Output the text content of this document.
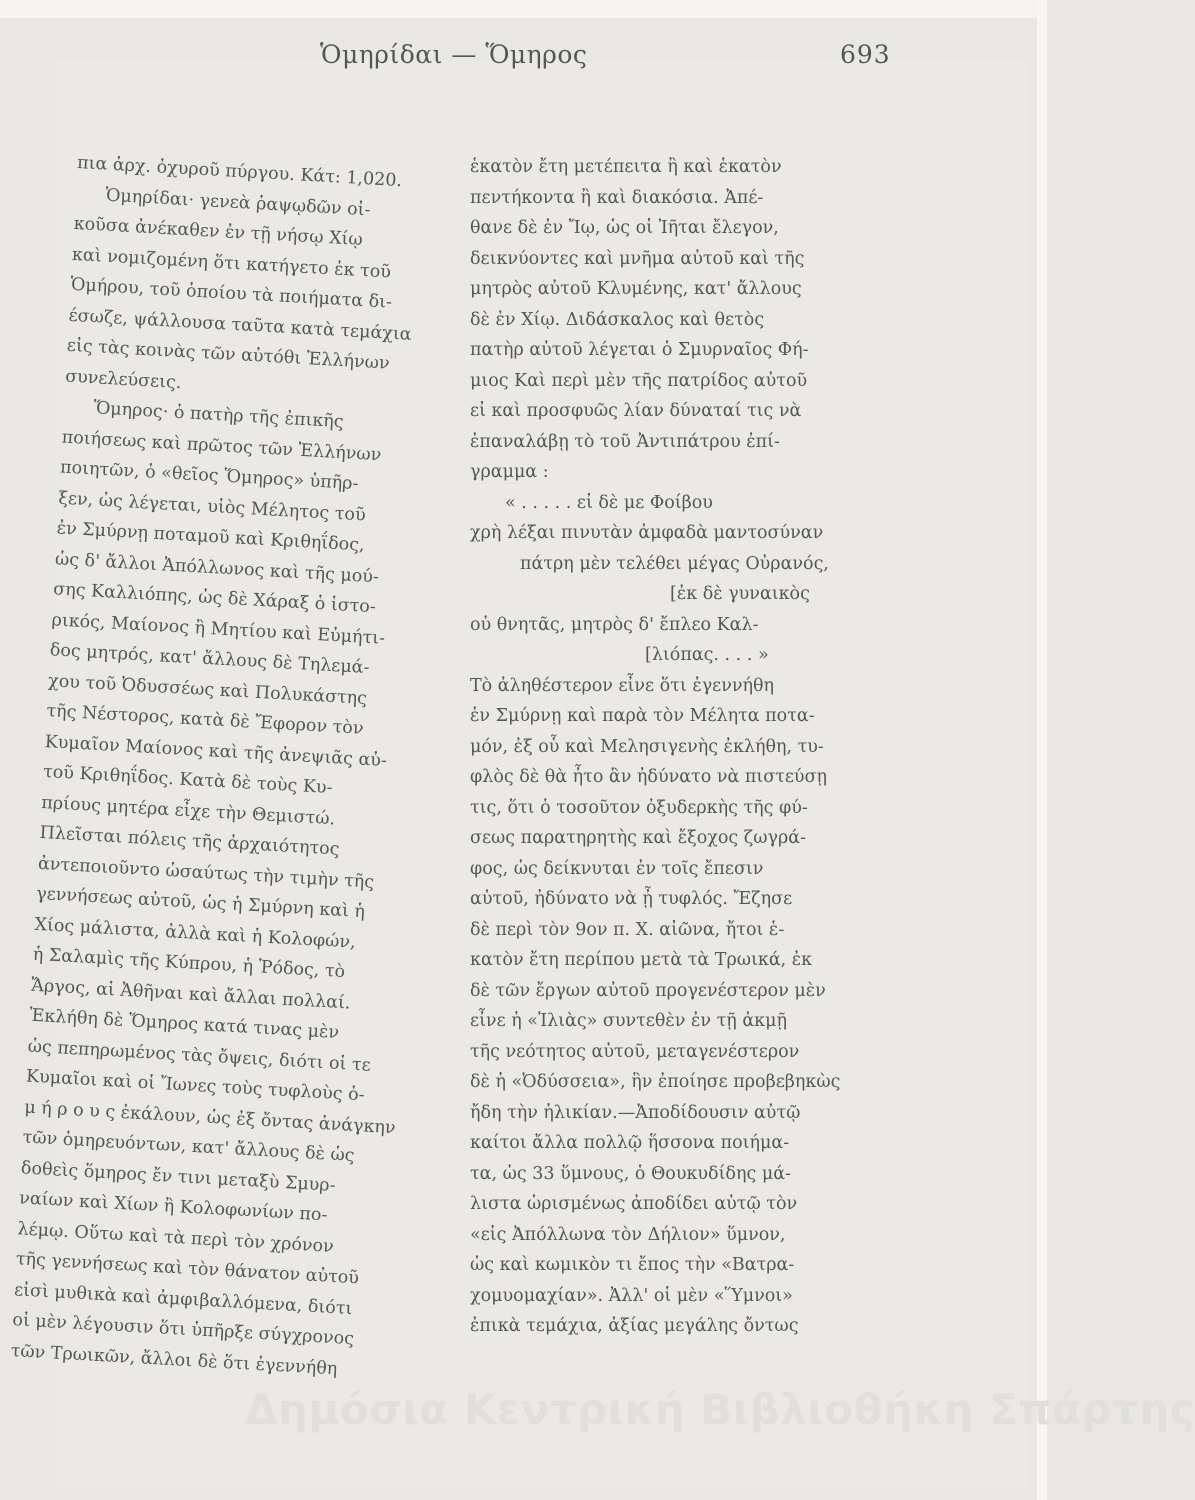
Ὁμηρίδαι — Ὅμηρος	693
πια ἀρχ. ὀχυροῦ πύργου. Κάτ: 1,020.
Ὁμηρίδαι· γενεὰ ῥαψῳδῶν οἰ-
κοῦσα ἀνέκαθεν ἐν τῇ νήσῳ Χίῳ
καὶ νομιζομένη ὅτι κατήγετο ἐκ τοῦ
Ὁμήρου, τοῦ ὁποίου τὰ ποιήματα δι-
έσωζε, ψάλλουσα ταῦτα κατὰ τεμάχια
εἰς τὰς κοινὰς τῶν αὐτόθι Ἑλλήνων
συνελεύσεις.
Ὅμηρος· ὁ πατὴρ τῆς ἐπικῆς
ποιήσεως καὶ πρῶτος τῶν Ἑλλήνων
ποιητῶν, ὁ «θεῖος Ὅμηρος» ὑπῆρ-
ξεν, ὡς λέγεται, υἱὸς Μέλητος τοῦ
ἐν Σμύρνῃ ποταμοῦ καὶ Κριθηΐδος,
ὡς δ' ἄλλοι Ἀπόλλωνος καὶ τῆς μού-
σης Καλλιόπης, ὡς δὲ Χάραξ ὁ ἱστο-
ρικός, Μαίονος ἢ Μητίου καὶ Εὐμήτι-
δος μητρός, κατ' ἄλλους δὲ Τηλεμά-
χου τοῦ Ὀδυσσέως καὶ Πολυκάστης
τῆς Νέστορος, κατὰ δὲ Ἔφορον τὸν
Κυμαῖον Μαίονος καὶ τῆς ἀνεψιᾶς αὐ-
τοῦ Κριθηΐδος. Κατὰ δὲ τοὺς Κυ-
πρίους μητέρα εἶχε τὴν Θεμιστώ.
Πλεῖσται πόλεις τῆς ἀρχαιότητος
ἀντεποιοῦντο ὡσαύτως τὴν τιμὴν τῆς
γεννήσεως αὐτοῦ, ὡς ἡ Σμύρνη καὶ ἡ
Χίος μάλιστα, ἀλλὰ καὶ ἡ Κολοφών,
ἡ Σαλαμὶς τῆς Κύπρου, ἡ Ῥόδος, τὸ
Ἄργος, αἱ Ἀθῆναι καὶ ἄλλαι πολλαί.
Ἐκλήθη δὲ Ὅμηρος κατά τινας μὲν
ὡς πεπηρωμένος τὰς ὄψεις, διότι οἱ τε
Κυμαῖοι καὶ οἱ Ἴωνες τοὺς τυφλοὺς ὁ-
μ ή ρ ο υ ς ἐκάλουν, ὡς ἐξ ὄντας ἀνάγκην
τῶν ὁμηρευόντων, κατ' ἄλλους δὲ ὡς
δοθεὶς ὅμηρος ἔν τινι μεταξὺ Σμυρ-
ναίων καὶ Χίων ἢ Κολοφωνίων πο-
λέμῳ. Οὕτω καὶ τὰ περὶ τὸν χρόνον
τῆς γεννήσεως καὶ τὸν θάνατον αὐτοῦ
εἰσὶ μυθικὰ καὶ ἀμφιβαλλόμενα, διότι
οἱ μὲν λέγουσιν ὅτι ὑπῆρξε σύγχρονος
τῶν Τρωικῶν, ἄλλοι δὲ ὅτι ἐγεννήθη
ἑκατὸν ἔτη μετέπειτα ἢ καὶ ἑκατὸν
πεντήκοντα ἢ καὶ διακόσια. Ἀπέ-
θανε δὲ ἐν Ἴῳ, ὡς οἱ Ἰῆται ἔλεγον,
δεικνύοντες καὶ μνῆμα αὐτοῦ καὶ τῆς
μητρὸς αὐτοῦ Κλυμένης, κατ' ἄλλους
δὲ ἐν Χίῳ. Διδάσκαλος καὶ θετὸς
πατὴρ αὐτοῦ λέγεται ὁ Σμυρναῖος Φή-
μιος Καὶ περὶ μὲν τῆς πατρίδος αὐτοῦ
εἰ καὶ προσφυῶς λίαν δύναταί τις νὰ
ἐπαναλάβῃ τὸ τοῦ Ἀντιπάτρου ἐπί-
γραμμα :
« . . . . . εἰ δὲ με Φοίβου
χρὴ λέξαι πινυτὰν ἀμφαδὰ μαντοσύναν
πάτρη μὲν τελέθει μέγας Οὐρανός,
[ἐκ δὲ γυναικὸς
οὐ θνητᾶς, μητρὸς δ' ἔπλεο Καλ-
[λιόπας. . . . »
Τὸ ἀληθέστερον εἶνε ὅτι ἐγεννήθη
ἐν Σμύρνῃ καὶ παρὰ τὸν Μέλητα ποτα-
μόν, ἐξ οὗ καὶ Μελησιγενὴς ἐκλήθη, τυ-
φλὸς δὲ θὰ ἦτο ἂν ἠδύνατο νὰ πιστεύσῃ
τις, ὅτι ὁ τοσοῦτον ὀξυδερκὴς τῆς φύ-
σεως παρατηρητὴς καὶ ἔξοχος ζωγρά-
φος, ὡς δείκνυται ἐν τοῖς ἔπεσιν
αὐτοῦ, ἠδύνατο νὰ ᾖ τυφλός. Ἔζησε
δὲ περὶ τὸν 9ον π. Χ. αἰῶνα, ἤτοι ἑ-
κατὸν ἔτη περίπου μετὰ τὰ Τρωικά, ἐκ
δὲ τῶν ἔργων αὐτοῦ προγενέστερον μὲν
εἶνε ἡ «Ἰλιὰς» συντεθὲν ἐν τῇ ἀκμῇ
τῆς νεότητος αὐτοῦ, μεταγενέστερον
δὲ ἡ «Ὀδύσσεια», ἣν ἐποίησε προβεβηκὼς
ἤδη τὴν ἡλικίαν.—Ἀποδίδουσιν αὐτῷ
καίτοι ἄλλα πολλῷ ἥσσονα ποιήμα-
τα, ὡς 33 ὕμνους, ὁ Θουκυδίδης μά-
λιστα ὡρισμένως ἀποδίδει αὐτῷ τὸν
«εἰς Ἀπόλλωνα τὸν Δήλιον» ὕμνον,
ὡς καὶ κωμικὸν τι ἔπος τὴν «Βατρα-
χομυομαχίαν». Ἀλλ' οἱ μὲν «Ὕμνοι»
ἐπικὰ τεμάχια, ἀξίας μεγάλης ὄντως
Δημόσια Κεντρική Βιβλιοθήκη Σπάρτης
